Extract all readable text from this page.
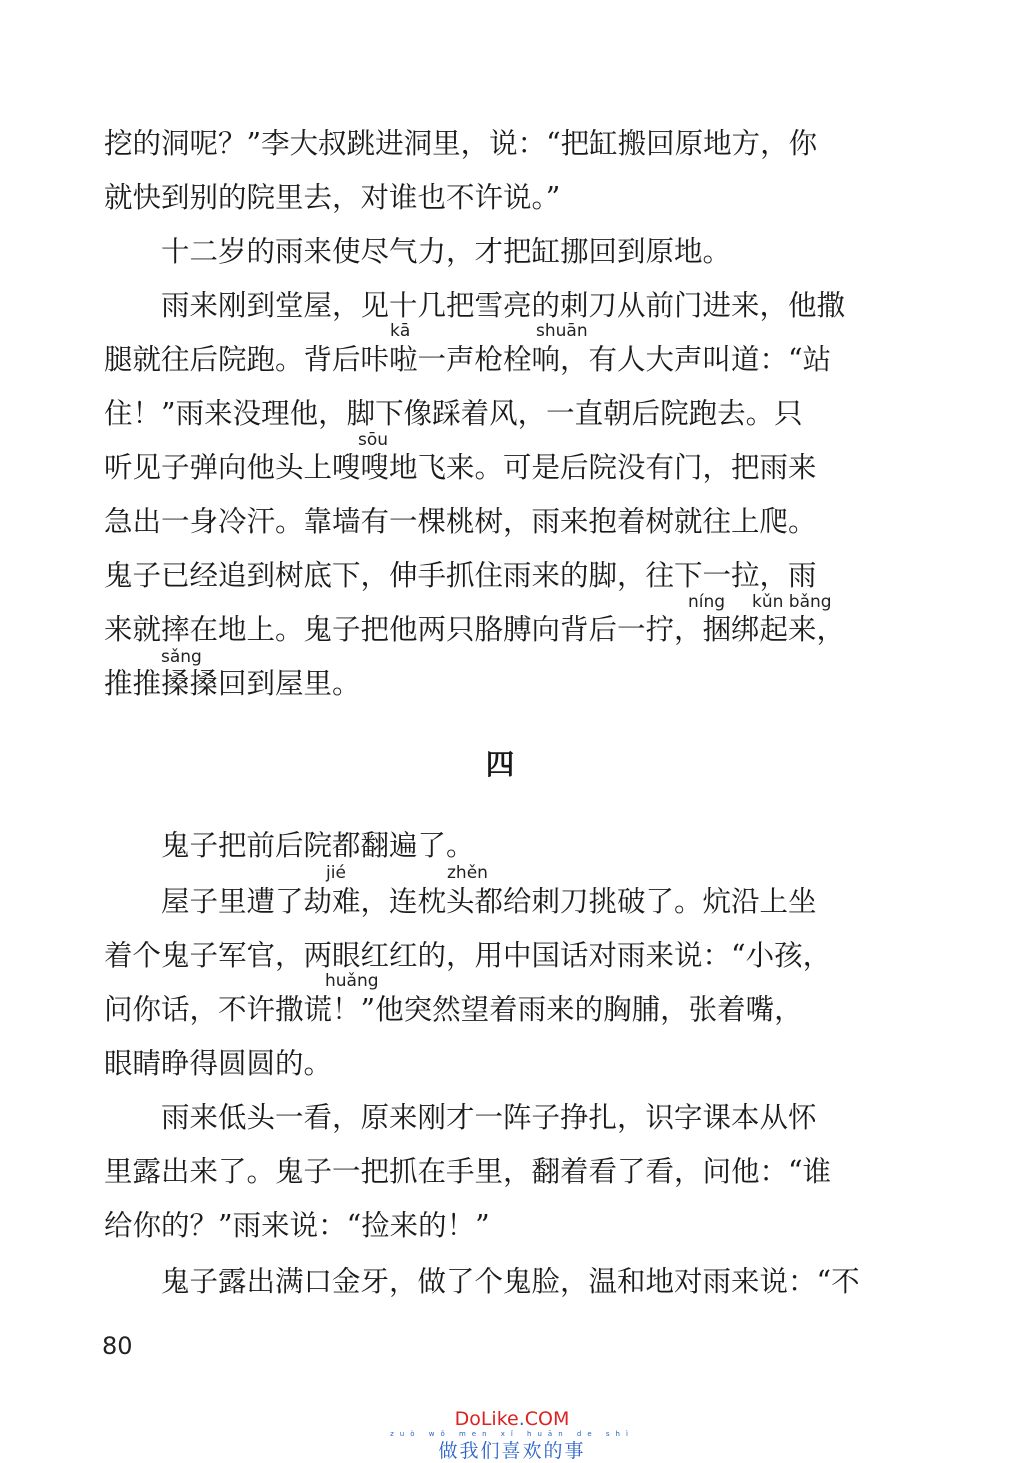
挖的洞呢？”李大叔跳进洞里，说：“把缸搬回原地方，你
就快到别的院里去，对谁也不许说。”
　　十二岁的雨来使尽气力，才把缸挪回到原地。
　　雨来刚到堂屋，见十几把雪亮的刺刀从前门进来，他撒
腿就往后院跑。背后咔啦一声枪栓响，有人大声叫道：“站
住！”雨来没理他，脚下像踩着风，一直朝后院跑去。只
听见子弹向他头上嗖嗖地飞来。可是后院没有门，把雨来
急出一身冷汗。靠墙有一棵桃树，雨来抱着树就往上爬。
鬼子已经追到树底下，伸手抓住雨来的脚，往下一拉，雨
来就摔在地上。鬼子把他两只胳膊向背后一拧，捆绑起来，
推推搡搡回到屋里。
kā	shuān
sōu
níng kǔn bǎng
sǎng
四
　　鬼子把前后院都翻遍了。
　　屋子里遭了劫难，连枕头都给刺刀挑破了。炕沿上坐
着个鬼子军官，两眼红红的，用中国话对雨来说：“小孩，
问你话，不许撒谎！”他突然望着雨来的胸脯，张着嘴，
眼睛睁得圆圆的。
　　雨来低头一看，原来刚才一阵子挣扎，识字课本从怀
里露出来了。鬼子一把抓在手里，翻着看了看，问他：“谁
给你的？”雨来说：“捡来的！”
　　鬼子露出满口金牙，做了个鬼脸，温和地对雨来说：“不
jié	zhěn
huǎng
80
DoLike.COM
zuò wǒ men xǐ huān de shì
做我们喜欢的事
